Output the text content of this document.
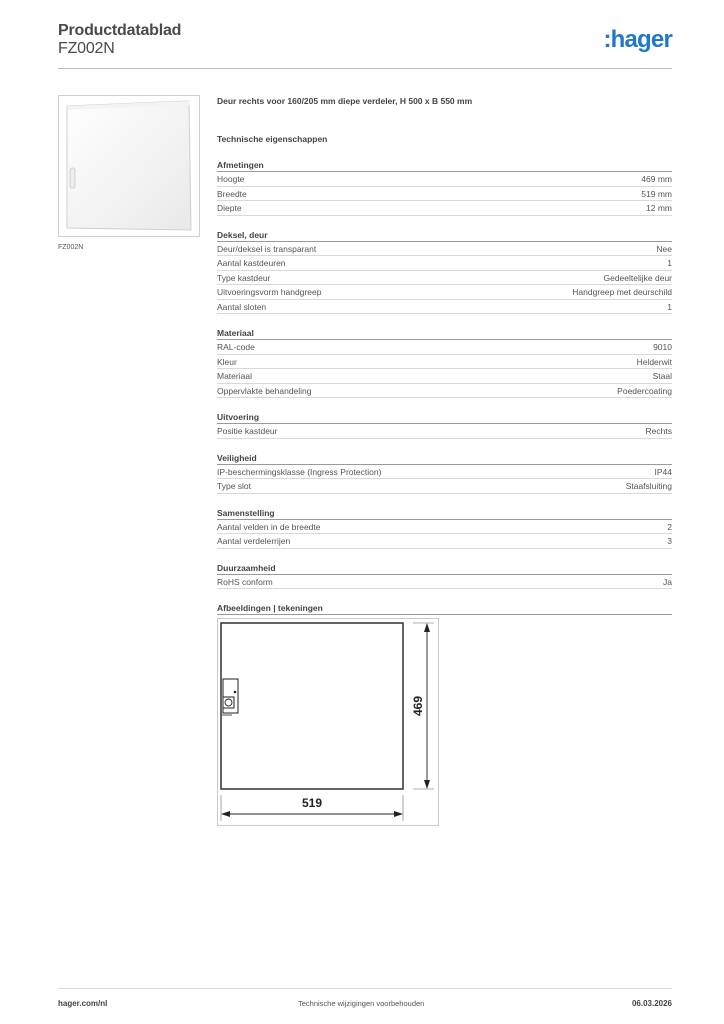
Productdatablad
FZ002N	:hager
FZ002N
Deur rechts voor 160/205 mm diepe verdeler, H 500 x B 550 mm
Technische eigenschappen
Afmetingen
Hoogte	469 mm
Breedte	519 mm
Diepte	12 mm
Deksel, deur
Deur/deksel is transparant	Nee
Aantal kastdeuren	1
Type kastdeur	Gedeeltelijke deur
Uitvoeringsvorm handgreep	Handgreep met deurschild
Aantal sloten	1
Materiaal
RAL-code	9010
Kleur	Helderwit
Materiaal	Staal
Oppervlakte behandeling	Poedercoating
Uitvoering
Positie kastdeur	Rechts
Veiligheid
IP-beschermingsklasse (Ingress Protection)	IP44
Type slot	Staafsluiting
Samenstelling
Aantal velden in de breedte	2
Aantal verdelerrijen	3
Duurzaamheid
RoHS conform	Ja
Afbeeldingen | tekeningen
469
519
hager.com/nl	Technische wijzigingen voorbehouden	06.03.2026
